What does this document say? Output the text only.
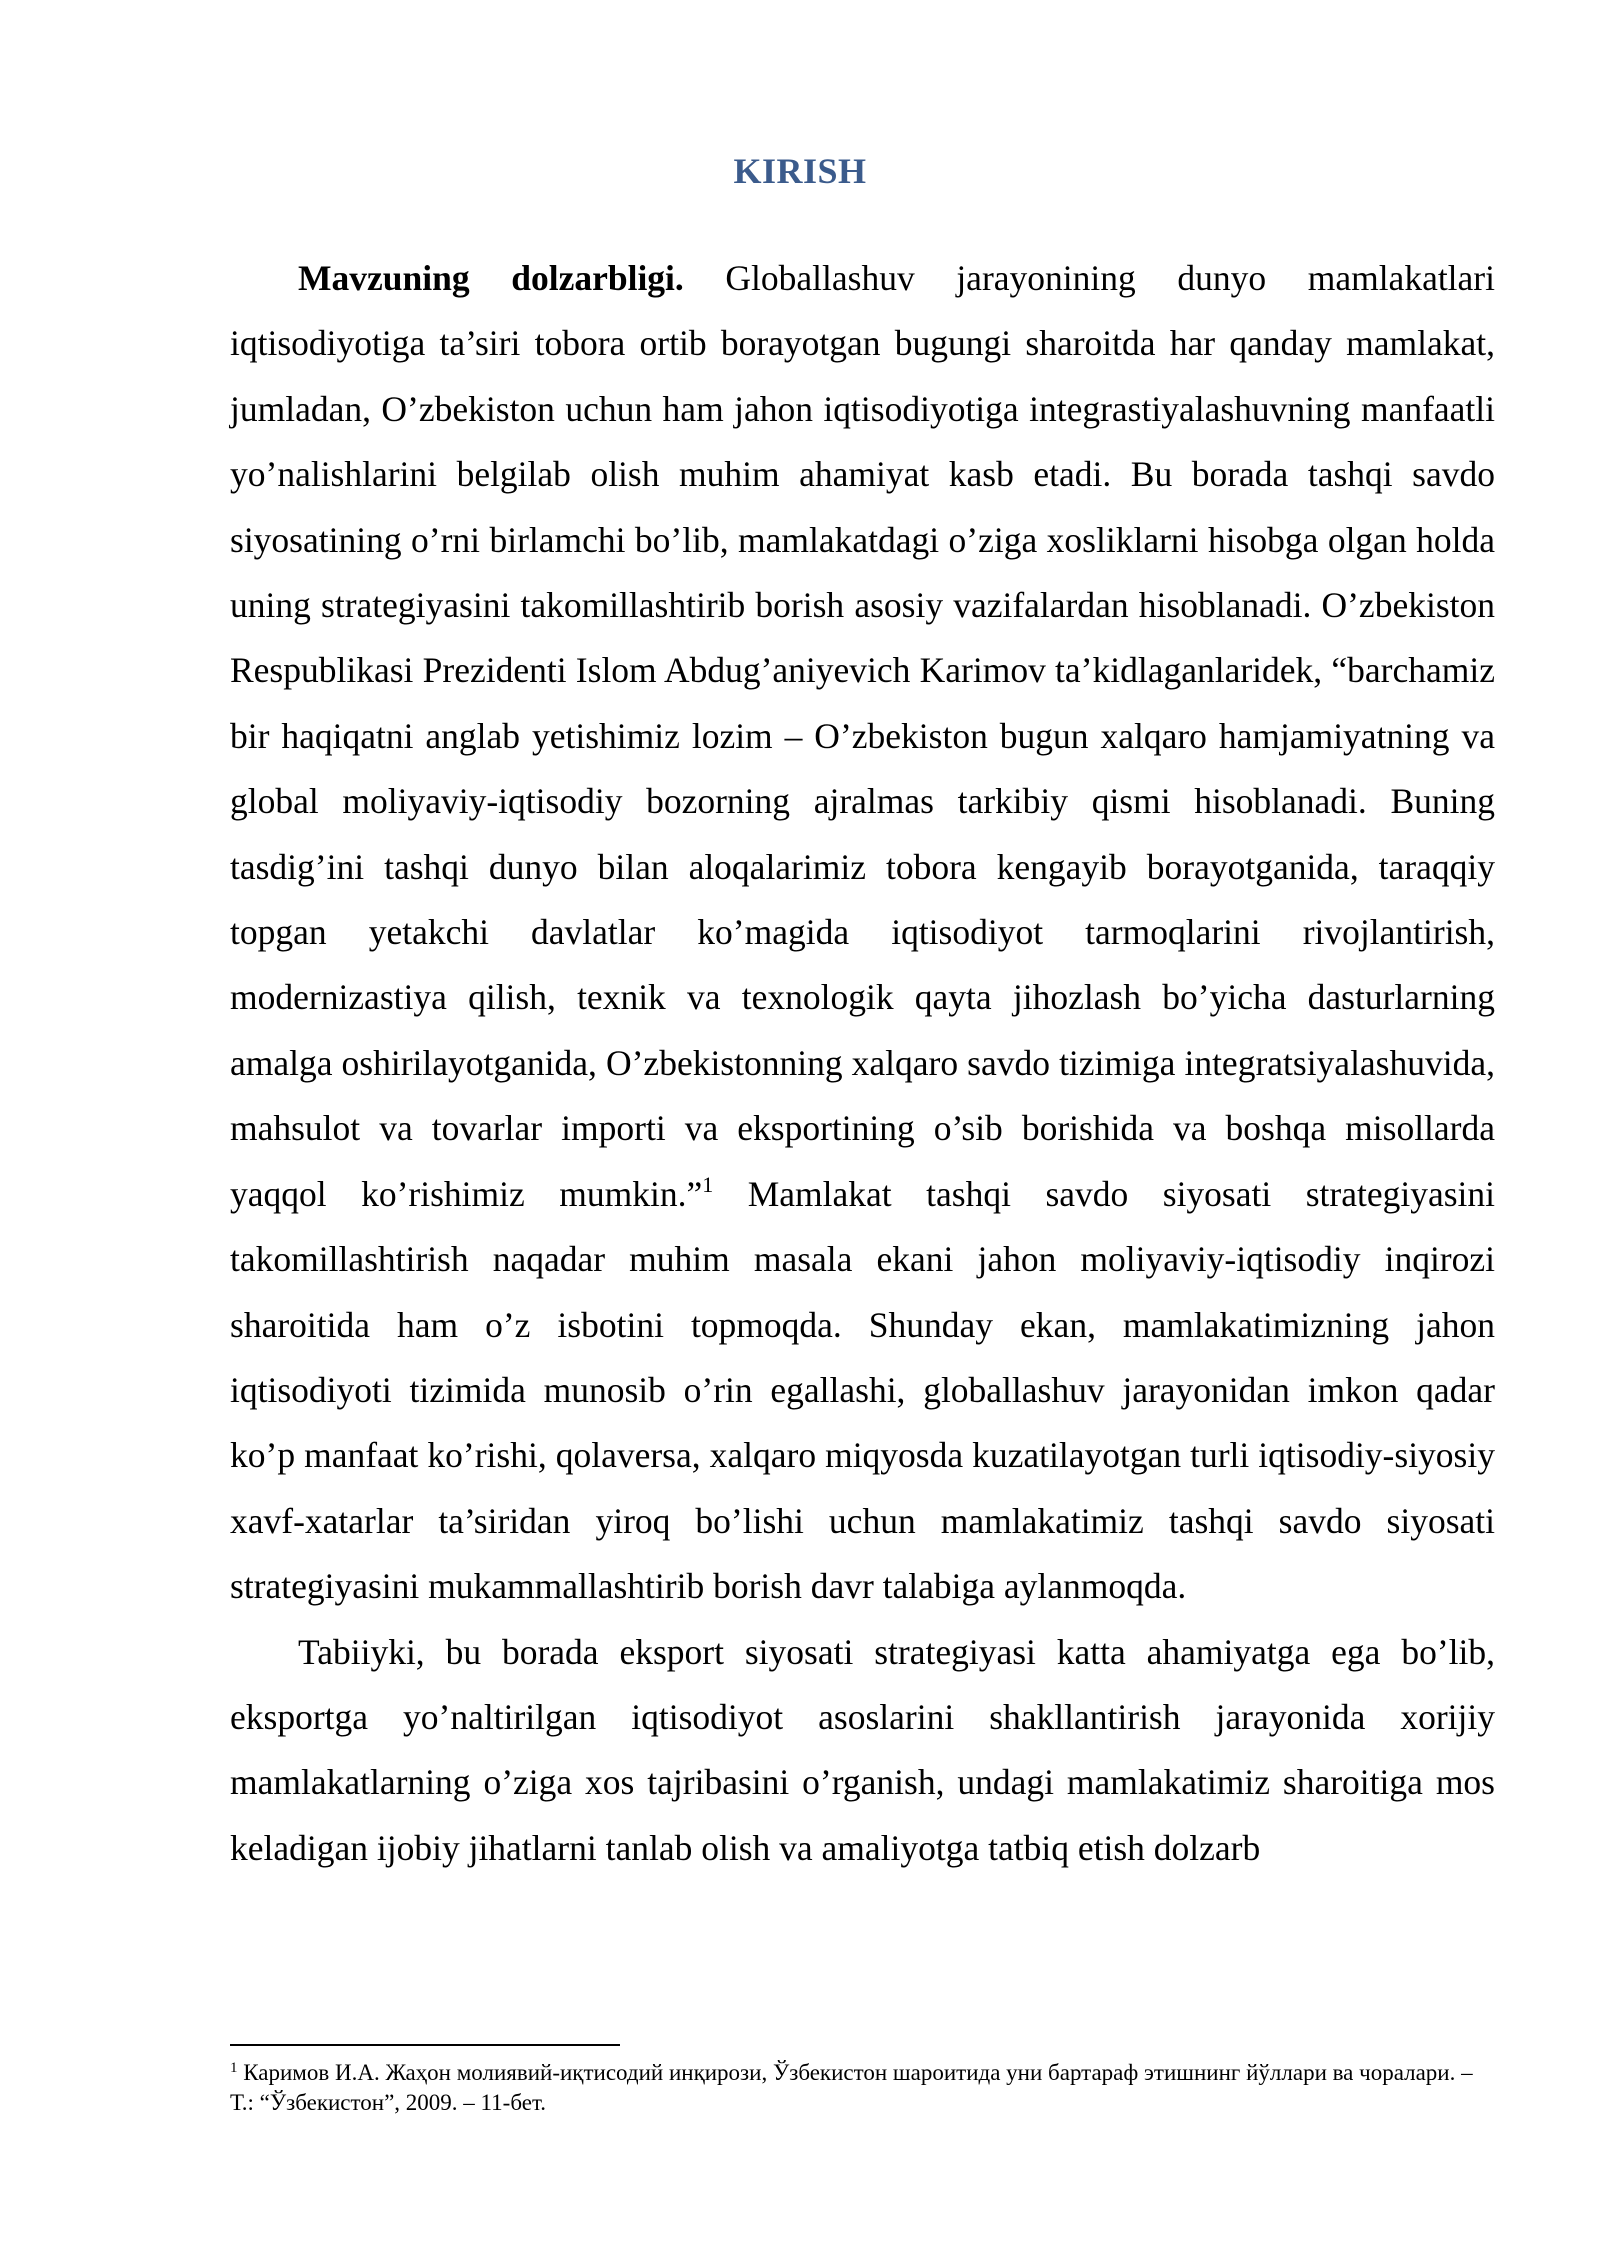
KIRISH

Mavzuning dolzarbligi. Globallashuv jarayonining dunyo mamlakatlari iqtisodiyotiga ta’siri tobora ortib borayotgan bugungi sharoitda har qanday mamlakat, jumladan, O’zbekiston uchun ham jahon iqtisodiyotiga integrastiyalashuvning manfaatli yo’nalishlarini belgilab olish muhim ahamiyat kasb etadi. Bu borada tashqi savdo siyosatining o’rni birlamchi bo’lib, mamlakatdagi o’ziga xosliklarni hisobga olgan holda uning strategiyasini takomillashtirib borish asosiy vazifalardan hisoblanadi. O’zbekiston Respublikasi Prezidenti Islom Abdug’aniyevich Karimov ta’kidlaganlaridek, “barchamiz bir haqiqatni anglab yetishimiz lozim – O’zbekiston bugun xalqaro hamjamiyatning va global moliyaviy-iqtisodiy bozorning ajralmas tarkibiy qismi hisoblanadi. Buning tasdig’ini tashqi dunyo bilan aloqalarimiz tobora kengayib borayotganida, taraqqiy topgan yetakchi davlatlar ko’magida iqtisodiyot tarmoqlarini rivojlantirish, modernizastiya qilish, texnik va texnologik qayta jihozlash bo’yicha dasturlarning amalga oshirilayotganida, O’zbekistonning xalqaro savdo tizimiga integratsiyalashuvida, mahsulot va tovarlar importi va eksportining o’sib borishida va boshqa misollarda yaqqol ko’rishimiz mumkin.”$^1$ Mamlakat tashqi savdo siyosati strategiyasini takomillashtirish naqadar muhim masala ekani jahon moliyaviy-iqtisodiy inqirozi sharoitida ham o’z isbotini topmoqda. Shunday ekan, mamlakatimizning jahon iqtisodiyoti tizimida munosib o’rin egallashi, globallashuv jarayonidan imkon qadar ko’p manfaat ko’rishi, qolaversa, xalqaro miqyosda kuzatilayotgan turli iqtisodiy-siyosiy xavf-xatarlar ta’siridan yiroq bo’lishi uchun mamlakatimiz tashqi savdo siyosati strategiyasini mukammallashtirib borish davr talabiga aylanmoqda.

Tabiiyki, bu borada eksport siyosati strategiyasi katta ahamiyatga ega bo’lib, eksportga yo’naltirilgan iqtisodiyot asoslarini shakllantirish jarayonida xorijiy mamlakatlarning o’ziga xos tajribasini o’rganish, undagi mamlakatimiz sharoitiga mos keladigan ijobiy jihatlarni tanlab olish va amaliyotga tatbiq etish dolzarb

$^1$ Каримов И.А. Жаҳон молиявий-иқтисодий инқирози, Ўзбекистон шароитида уни бартараф этишнинг йўллари ва чоралари. – Т.: “Ўзбекистон”, 2009. – 11-бет.
